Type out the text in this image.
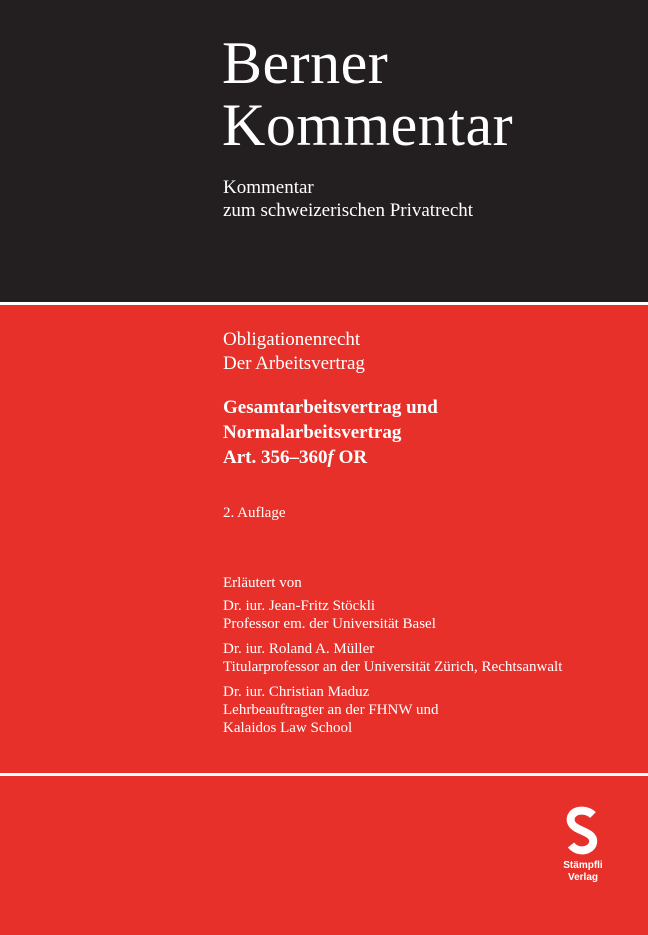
Berner
Kommentar

Kommentar
zum schweizerischen Privatrecht

Obligationenrecht
Der Arbeitsvertrag
Gesamtarbeitsvertrag und
Normalarbeitsvertrag
Art. 356–360f OR
2. Auflage
Erläutert von
Dr. iur. Jean-Fritz Stöckli
Professor em. der Universität Basel
Dr. iur. Roland A. Müller
Titularprofessor an der Universität Zürich, Rechtsanwalt
Dr. iur. Christian Maduz
Lehrbeauftragter an der FHNW und
Kalaidos Law School
Stämpfli
Verlag
